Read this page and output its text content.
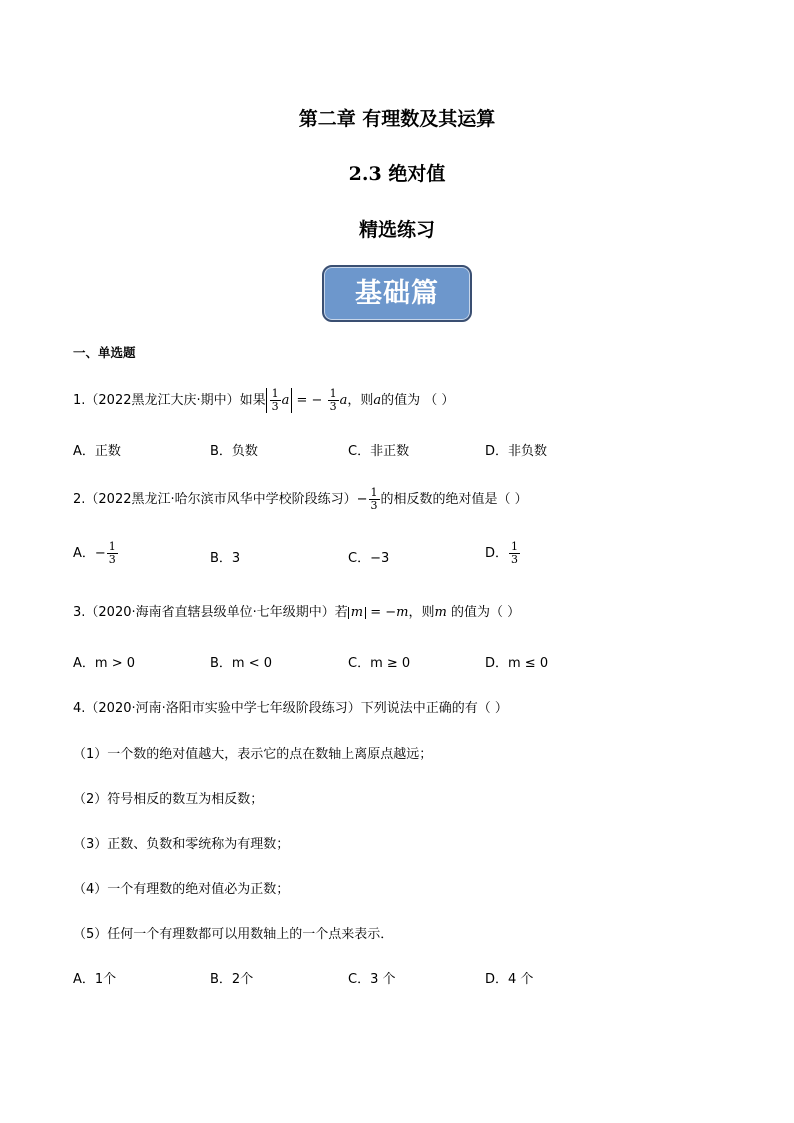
第二章 有理数及其运算
2.3 绝对值
精选练习
基础篇
一、单选题
1.（2022黑龙江大庆·期中）如果 $\frac{1}{3}$ a = − $\frac{1}{3}$ a，则a的值为 （ ）
A．正数	B．负数	C．非正数	D．非负数
2.（2022黑龙江·哈尔滨市风华中学校阶段练习）− $\frac{1}{3}$ 的相反数的绝对值是（ ）
A．− $\frac{1}{3}$	B．3	C．−3	D． $\frac{1}{3}$
3.（2020·海南省直辖县级单位·七年级期中）若 m = −m，则m 的值为（ ）
A．m > 0	B．m < 0	C．m ≥ 0	D．m ≤ 0
4.（2020·河南·洛阳市实验中学七年级阶段练习）下列说法中正确的有（ ）
（1）一个数的绝对值越大，表示它的点在数轴上离原点越远；
（2）符号相反的数互为相反数；
（3）正数、负数和零统称为有理数；
（4）一个有理数的绝对值必为正数；
（5）任何一个有理数都可以用数轴上的一个点来表示．
A．1个	B．2个	C．3 个	D．4 个
